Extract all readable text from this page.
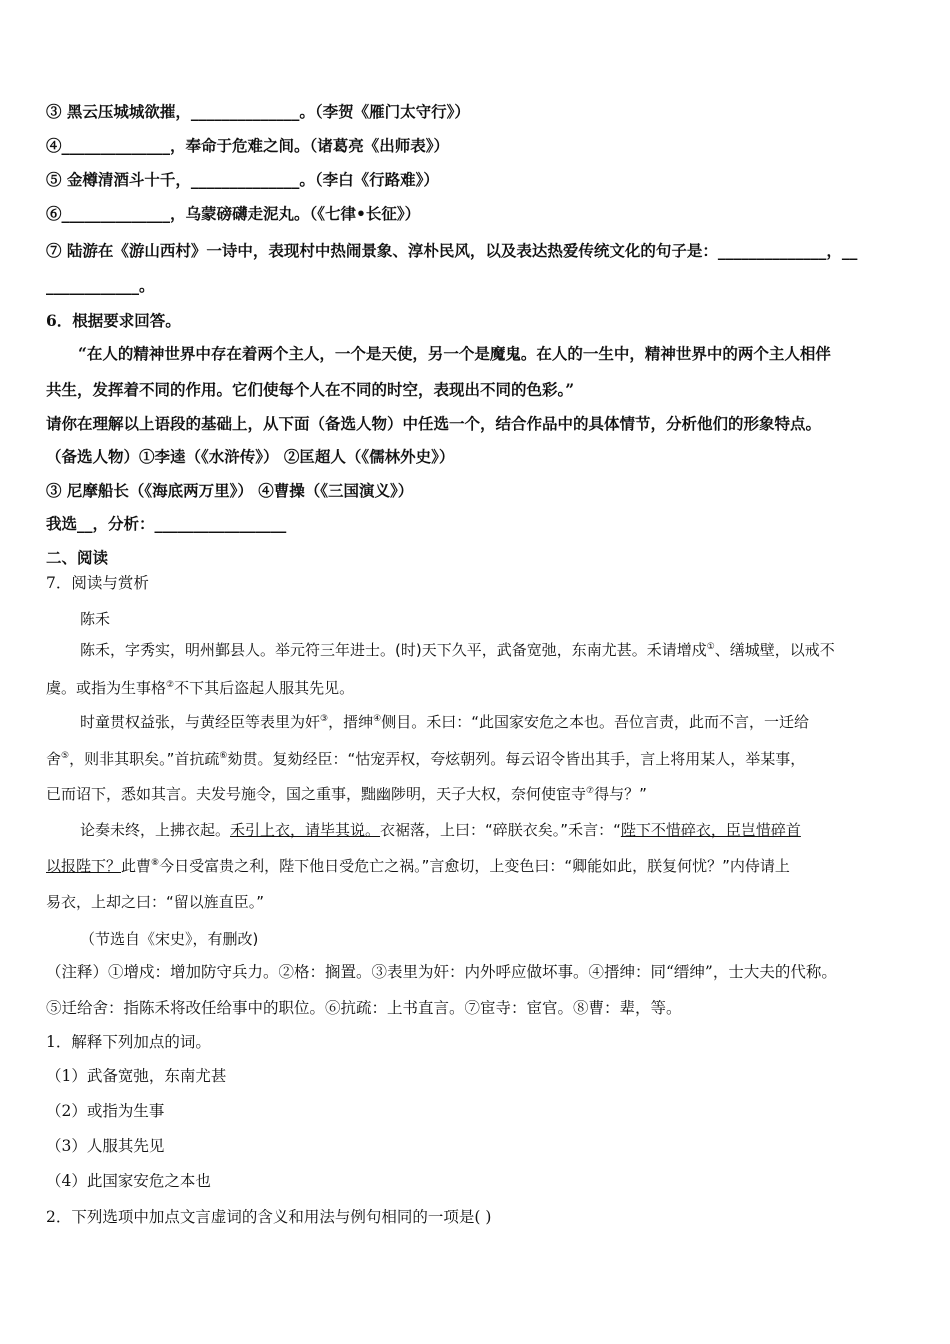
③ 黑云压城城欲摧，______________。（李贺《雁门太守行》）
④______________，奉命于危难之间。（诸葛亮《出师表》）
⑤ 金樽清酒斗十千，______________。（李白《行路难》）
⑥______________，乌蒙磅礴走泥丸。（《七律•长征》）
⑦ 陆游在《游山西村》一诗中，表现村中热闹景象、淳朴民风，以及表达热爱传统文化的句子是：______________，__
____________。
6．根据要求回答。
“在人的精神世界中存在着两个主人，一个是天使，另一个是魔鬼。在人的一生中，精神世界中的两个主人相伴
共生，发挥着不同的作用。它们使每个人在不同的时空，表现出不同的色彩。”
请你在理解以上语段的基础上，从下面（备选人物）中任选一个，结合作品中的具体情节，分析他们的形象特点。
（备选人物）①李逵（《水浒传》） ②匡超人（《儒林外史》）
③ 尼摩船长（《海底两万里》） ④曹操（《三国演义》）
我选__，分析：_________________
二、阅读
7．阅读与赏析
陈禾
陈禾，字秀实，明州鄞县人。举元符三年进士。(时)天下久平，武备宽弛，东南尤甚。禾请增戍①、缮城壁，以戒不
虞。或指为生事格②不下其后盗起人服其先见。
时童贯权益张，与黄经臣等表里为奸③，搢绅④侧目。禾曰：“此国家安危之本也。吾位言责，此而不言，一迁给
舍⑤，则非其职矣。”首抗疏⑥劾贯。复劾经臣：“怙宠弄权，夸炫朝列。每云诏令皆出其手，言上将用某人，举某事，
已而诏下，悉如其言。夫发号施令，国之重事，黜幽陟明，天子大权，奈何使宦寺⑦得与？”
论奏未终，上拂衣起。禾引上衣，请毕其说。衣裾落，上曰：“碎朕衣矣。”禾言：“陛下不惜碎衣，臣岂惜碎首
以报陛下？此曹⑧今日受富贵之利，陛下他日受危亡之祸。”言愈切，上变色曰：“卿能如此，朕复何忧？”内侍请上
易衣，上却之曰：“留以旌直臣。”
（节选自《宋史》，有删改)
（注释）①增戍：增加防守兵力。②格：搁置。③表里为奸：内外呼应做坏事。④搢绅：同“缙绅”，士大夫的代称。
⑤迁给舍：指陈禾将改任给事中的职位。⑥抗疏：上书直言。⑦宦寺：宦官。⑧曹：辈，等。
1．解释下列加点的词。
（1）武备宽弛，东南尤甚
（2）或指为生事
（3）人服其先见
（4）此国家安危之本也
2．下列选项中加点文言虚词的含义和用法与例句相同的一项是( )
